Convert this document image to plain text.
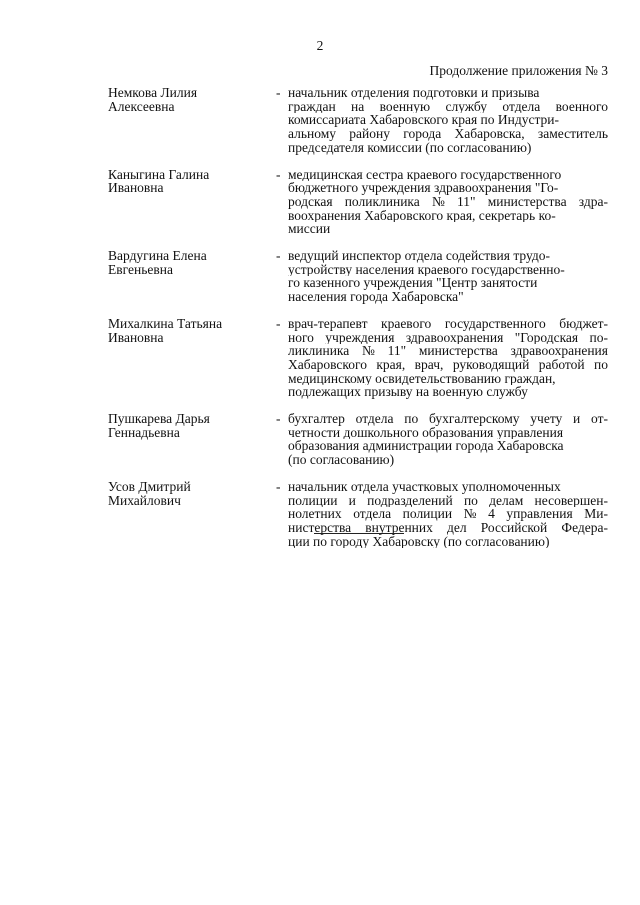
2
Продолжение приложения № 3
Немкова Лилия
Алексеевна
- начальник отделения подготовки и призыва
граждан на военную службу отдела военного
комиссариата Хабаровского края по Индустри-
альному району города Хабаровска, заместитель
председателя комиссии (по согласованию)
Каныгина Галина
Ивановна
- медицинская сестра краевого государственного
бюджетного учреждения здравоохранения "Го-
родская поликлиника № 11" министерства здра-
воохранения Хабаровского края, секретарь ко-
миссии
Вардугина Елена
Евгеньевна
- ведущий инспектор отдела содействия трудо-
устройству населения краевого государственно-
го казенного учреждения "Центр занятости
населения города Хабаровска"
Михалкина Татьяна
Ивановна
- врач-терапевт краевого государственного бюджет-
ного учреждения здравоохранения "Городская по-
ликлиника № 11" министерства здравоохранения
Хабаровского края, врач, руководящий работой по
медицинскому освидетельствованию граждан,
подлежащих призыву на военную службу
Пушкарева Дарья
Геннадьевна
- бухгалтер отдела по бухгалтерскому учету и от-
четности дошкольного образования управления
образования администрации города Хабаровска
(по согласованию)
Усов Дмитрий
Михайлович
- начальник отдела участковых уполномоченных
полиции и подразделений по делам несовершен-
нолетних отдела полиции № 4 управления Ми-
нистерства внутренних дел Российской Федера-
ции по городу Хабаровску (по согласованию)
